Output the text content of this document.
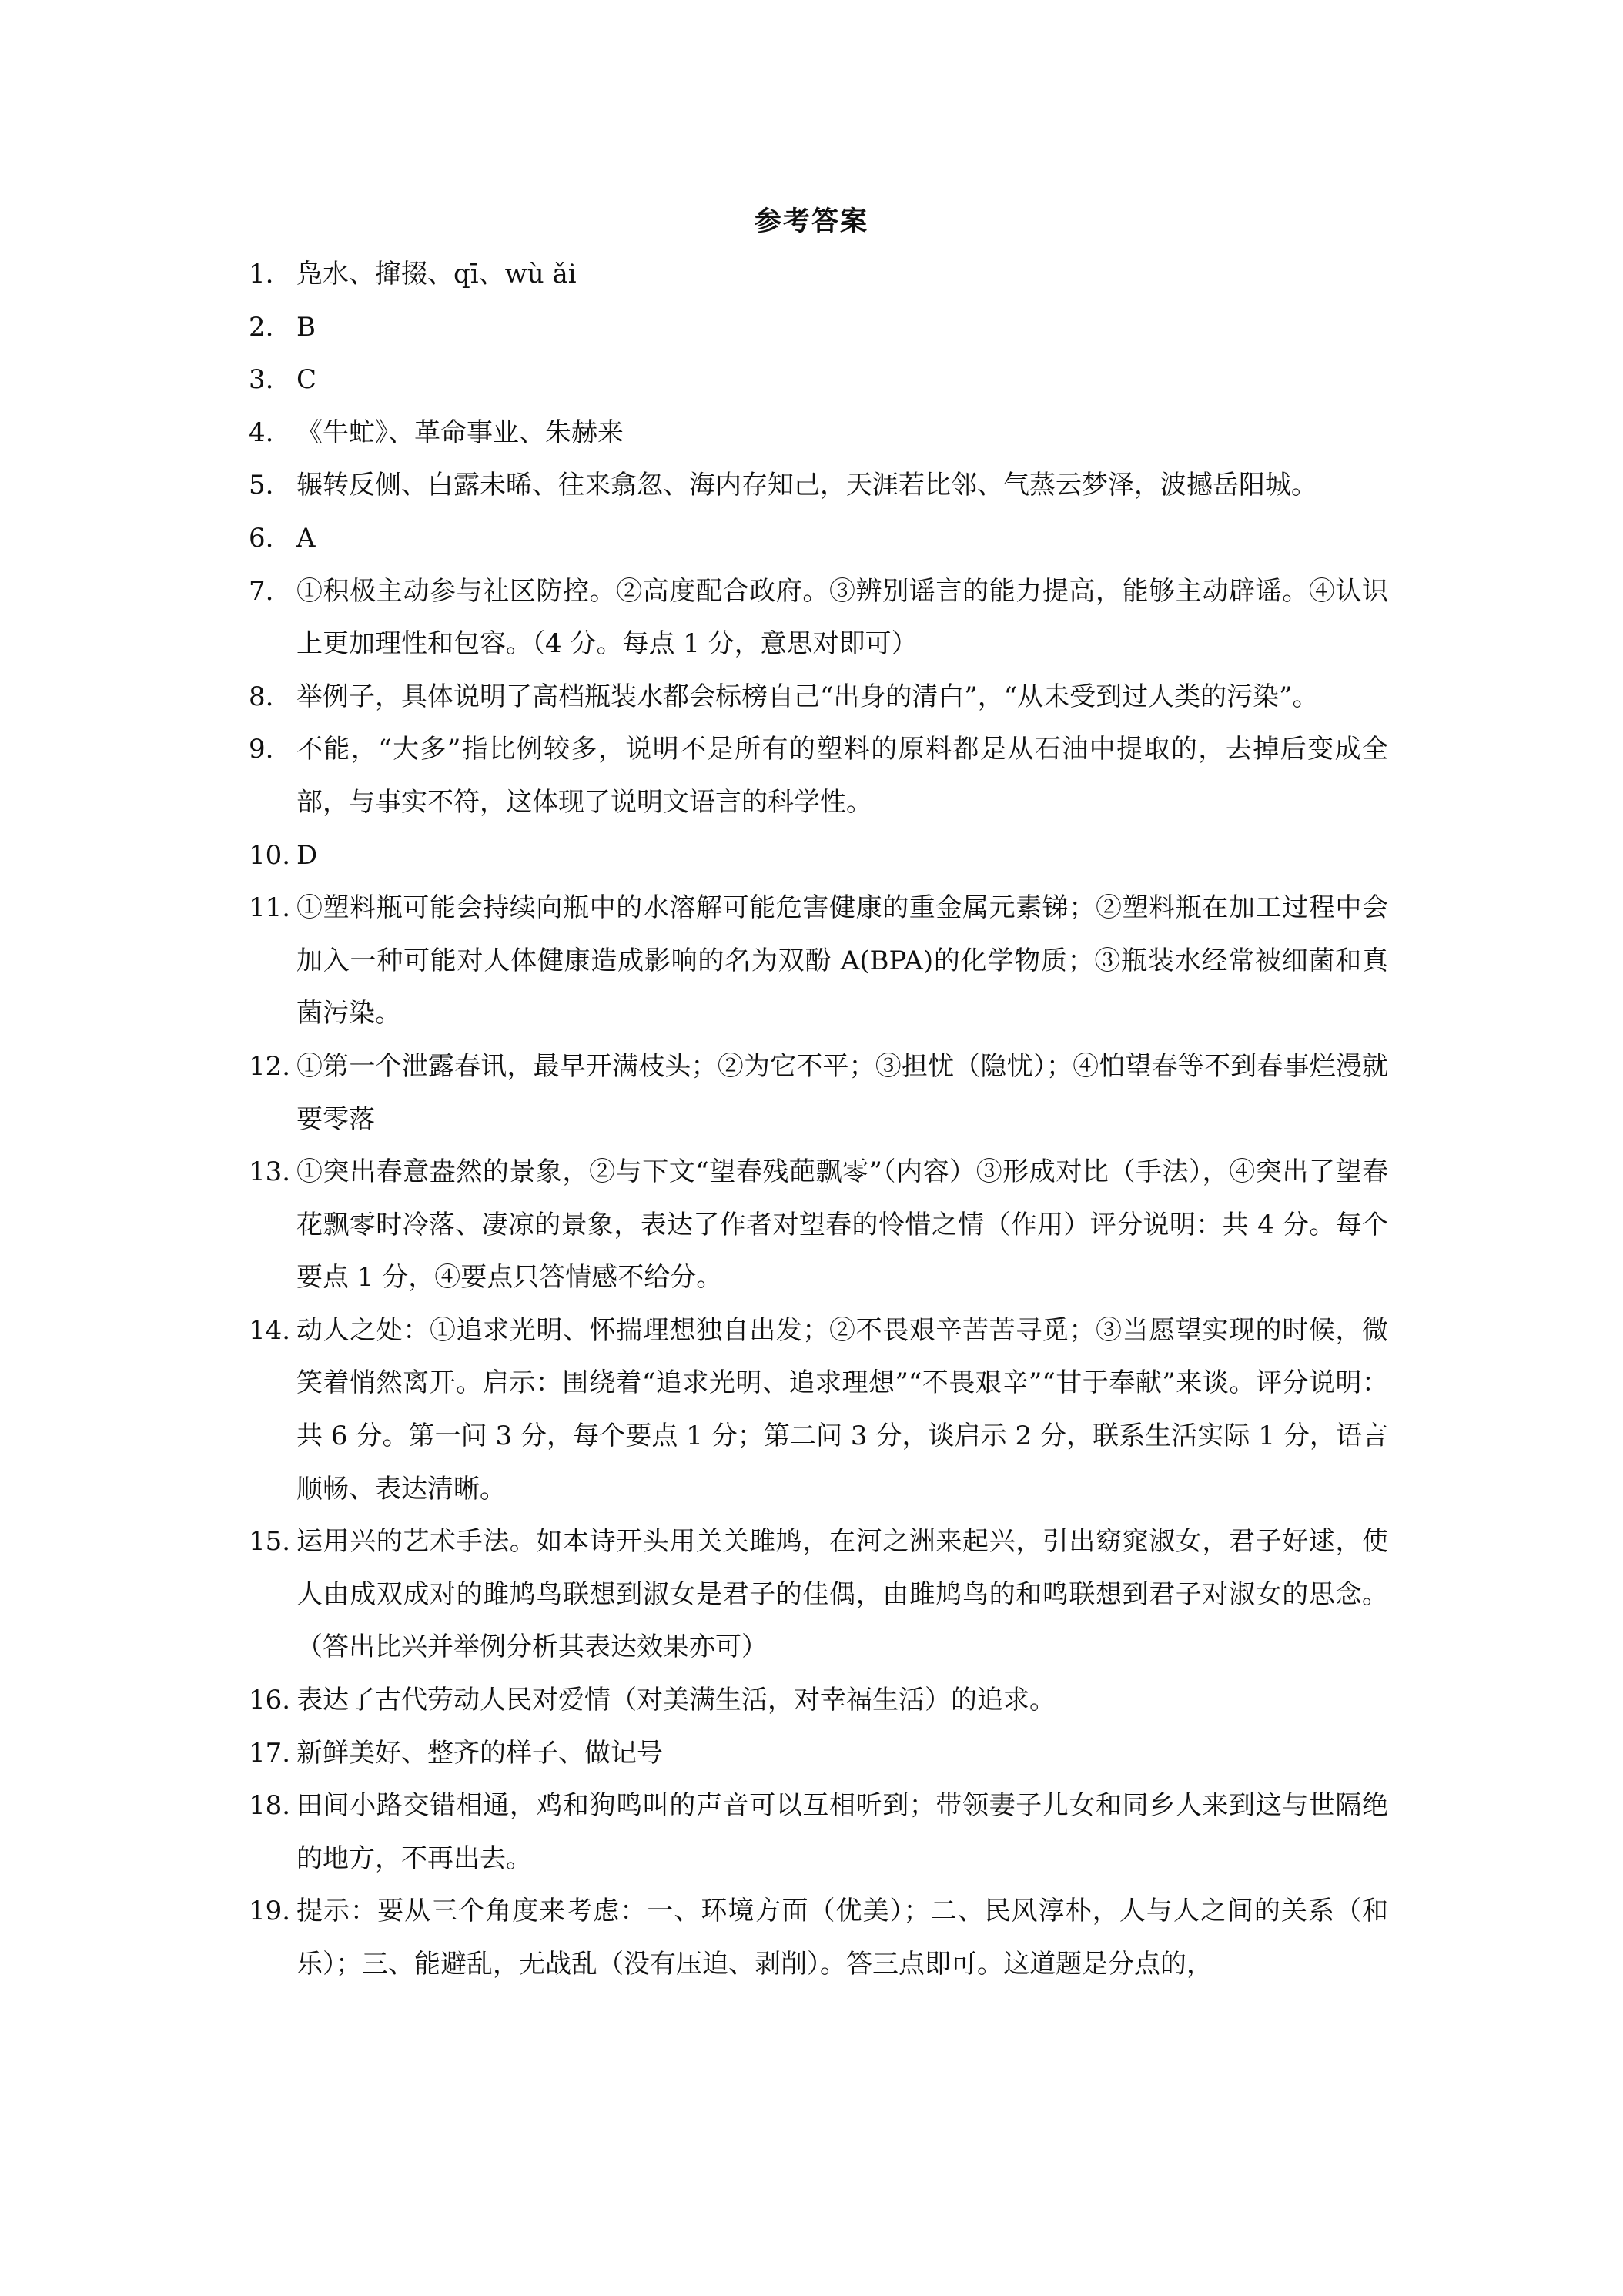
参考答案
1. 凫水、撺掇、qī、wù ǎi
2. B
3. C
4. 《牛虻》、革命事业、朱赫来
5. 辗转反侧、白露未晞、往来翕忽、海内存知己，天涯若比邻、气蒸云梦泽，波撼岳阳城。
6. A
7. ①积极主动参与社区防控。②高度配合政府。③辨别谣言的能力提高，能够主动辟谣。④认识上更加理性和包容。（4 分。每点 1 分，意思对即可）
8. 举例子，具体说明了高档瓶装水都会标榜自己“出身的清白”，“从未受到过人类的污染”。
9. 不能，“大多”指比例较多，说明不是所有的塑料的原料都是从石油中提取的，去掉后变成全部，与事实不符，这体现了说明文语言的科学性。
10. D
11. ①塑料瓶可能会持续向瓶中的水溶解可能危害健康的重金属元素锑；②塑料瓶在加工过程中会加入一种可能对人体健康造成影响的名为双酚 A(BPA)的化学物质；③瓶装水经常被细菌和真菌污染。
12. ①第一个泄露春讯，最早开满枝头；②为它不平；③担忧（隐忧）；④怕望春等不到春事烂漫就要零落
13. ①突出春意盎然的景象，②与下文“望春残葩飘零”（内容）③形成对比（手法），④突出了望春花飘零时冷落、凄凉的景象，表达了作者对望春的怜惜之情（作用）评分说明：共 4 分。每个要点 1 分，④要点只答情感不给分。
14. 动人之处：①追求光明、怀揣理想独自出发；②不畏艰辛苦苦寻觅；③当愿望实现的时候，微笑着悄然离开。启示：围绕着“追求光明、追求理想”“不畏艰辛”“甘于奉献”来谈。评分说明：共 6 分。第一问 3 分，每个要点 1 分；第二问 3 分，谈启示 2 分，联系生活实际 1 分，语言顺畅、表达清晰。
15. 运用兴的艺术手法。如本诗开头用关关雎鸠，在河之洲来起兴，引出窈窕淑女，君子好逑，使人由成双成对的雎鸠鸟联想到淑女是君子的佳偶，由雎鸠鸟的和鸣联想到君子对淑女的思念。（答出比兴并举例分析其表达效果亦可）
16. 表达了古代劳动人民对爱情（对美满生活，对幸福生活）的追求。
17. 新鲜美好、整齐的样子、做记号
18. 田间小路交错相通，鸡和狗鸣叫的声音可以互相听到；带领妻子儿女和同乡人来到这与世隔绝的地方，不再出去。
19. 提示：要从三个角度来考虑：一、环境方面（优美）；二、民风淳朴，人与人之间的关系（和乐）；三、能避乱，无战乱（没有压迫、剥削）。答三点即可。这道题是分点的，
